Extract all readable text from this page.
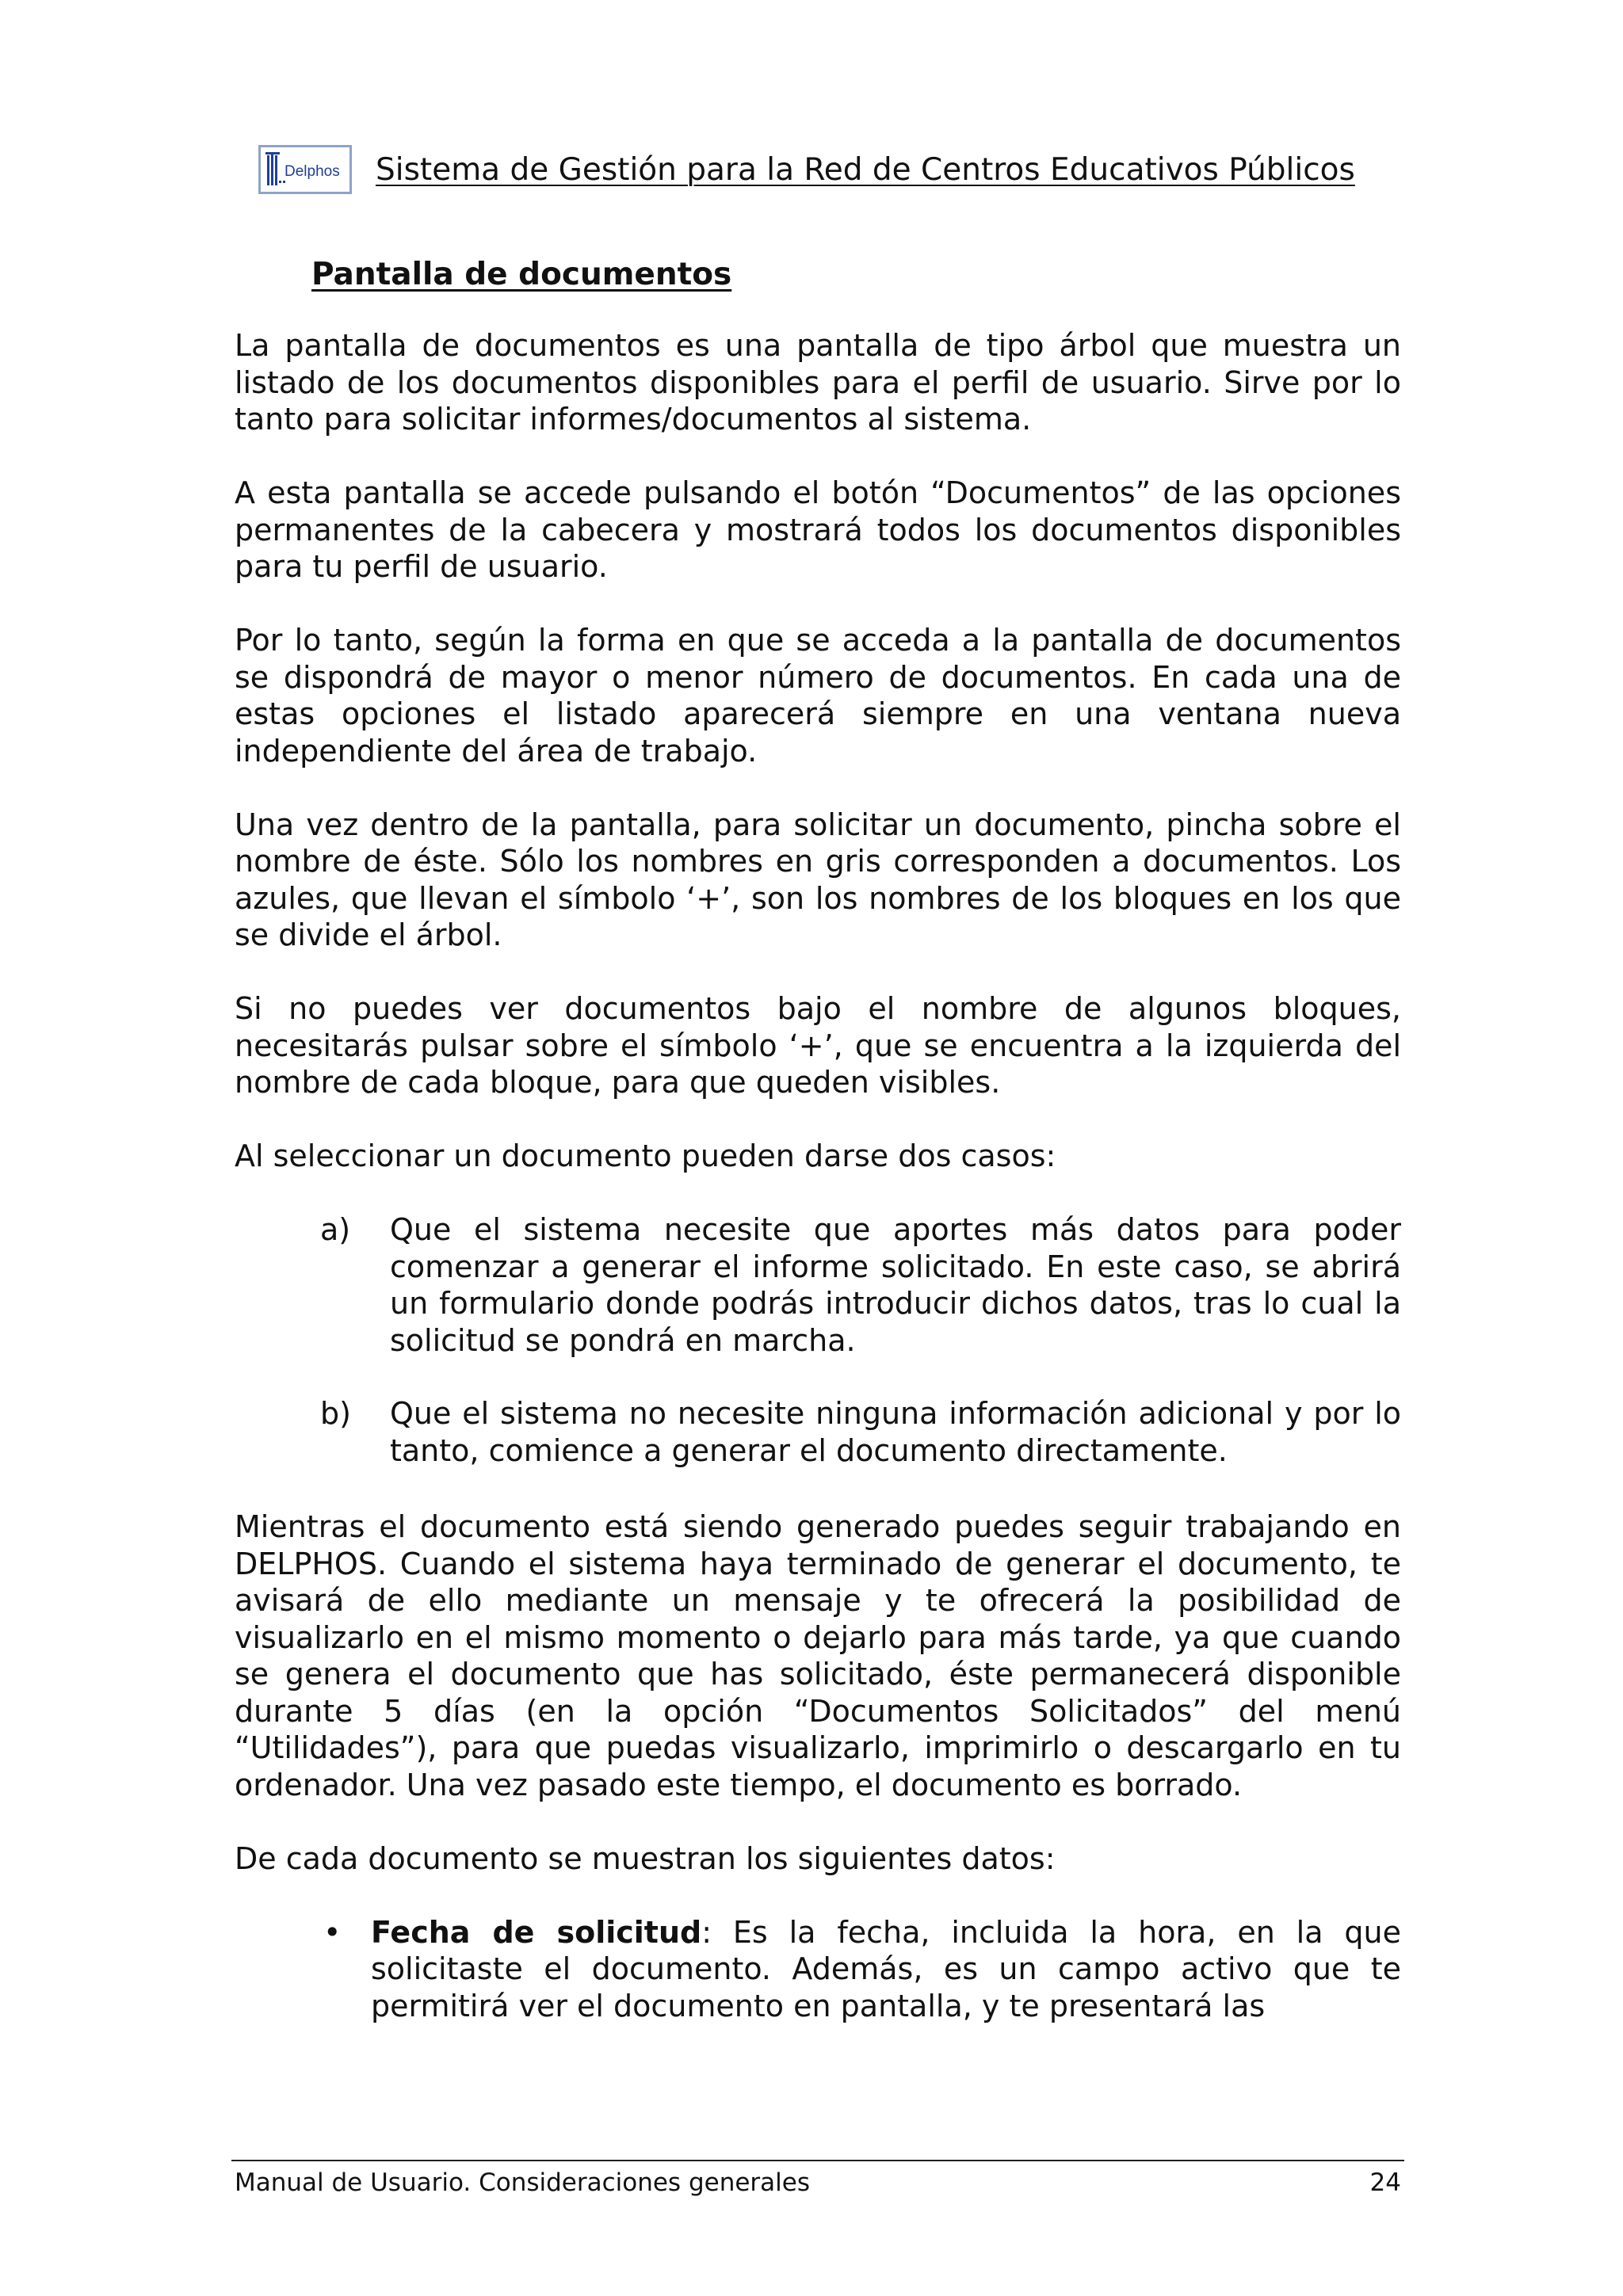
Delphos Sistema de Gestión para la Red de Centros Educativos Públicos
Pantalla de documentos

La pantalla de documentos es una pantalla de tipo árbol que muestra un listado de los documentos disponibles para el perfil de usuario. Sirve por lo tanto para solicitar informes/documentos al sistema.

A esta pantalla se accede pulsando el botón “Documentos” de las opciones permanentes de la cabecera y mostrará todos los documentos disponibles para tu perfil de usuario.

Por lo tanto, según la forma en que se acceda a la pantalla de documentos se dispondrá de mayor o menor número de documentos. En cada una de estas opciones el listado aparecerá siempre en una ventana nueva independiente del área de trabajo.

Una vez dentro de la pantalla, para solicitar un documento, pincha sobre el nombre de éste. Sólo los nombres en gris corresponden a documentos. Los azules, que llevan el símbolo ‘+’, son los nombres de los bloques en los que se divide el árbol.

Si no puedes ver documentos bajo el nombre de algunos bloques, necesitarás pulsar sobre el símbolo ‘+’, que se encuentra a la izquierda del nombre de cada bloque, para que queden visibles.

Al seleccionar un documento pueden darse dos casos:

a) Que el sistema necesite que aportes más datos para poder comenzar a generar el informe solicitado. En este caso, se abrirá un formulario donde podrás introducir dichos datos, tras lo cual la solicitud se pondrá en marcha.
b) Que el sistema no necesite ninguna información adicional y por lo tanto, comience a generar el documento directamente.

Mientras el documento está siendo generado puedes seguir trabajando en DELPHOS. Cuando el sistema haya terminado de generar el documento, te avisará de ello mediante un mensaje y te ofrecerá la posibilidad de visualizarlo en el mismo momento o dejarlo para más tarde, ya que cuando se genera el documento que has solicitado, éste permanecerá disponible durante 5 días (en la opción “Documentos Solicitados” del menú “Utilidades”), para que puedas visualizarlo, imprimirlo o descargarlo en tu ordenador. Una vez pasado este tiempo, el documento es borrado.

De cada documento se muestran los siguientes datos:

• Fecha de solicitud: Es la fecha, incluida la hora, en la que solicitaste el documento. Además, es un campo activo que te permitirá ver el documento en pantalla, y te presentará las
Manual de Usuario. Consideraciones generales	24
